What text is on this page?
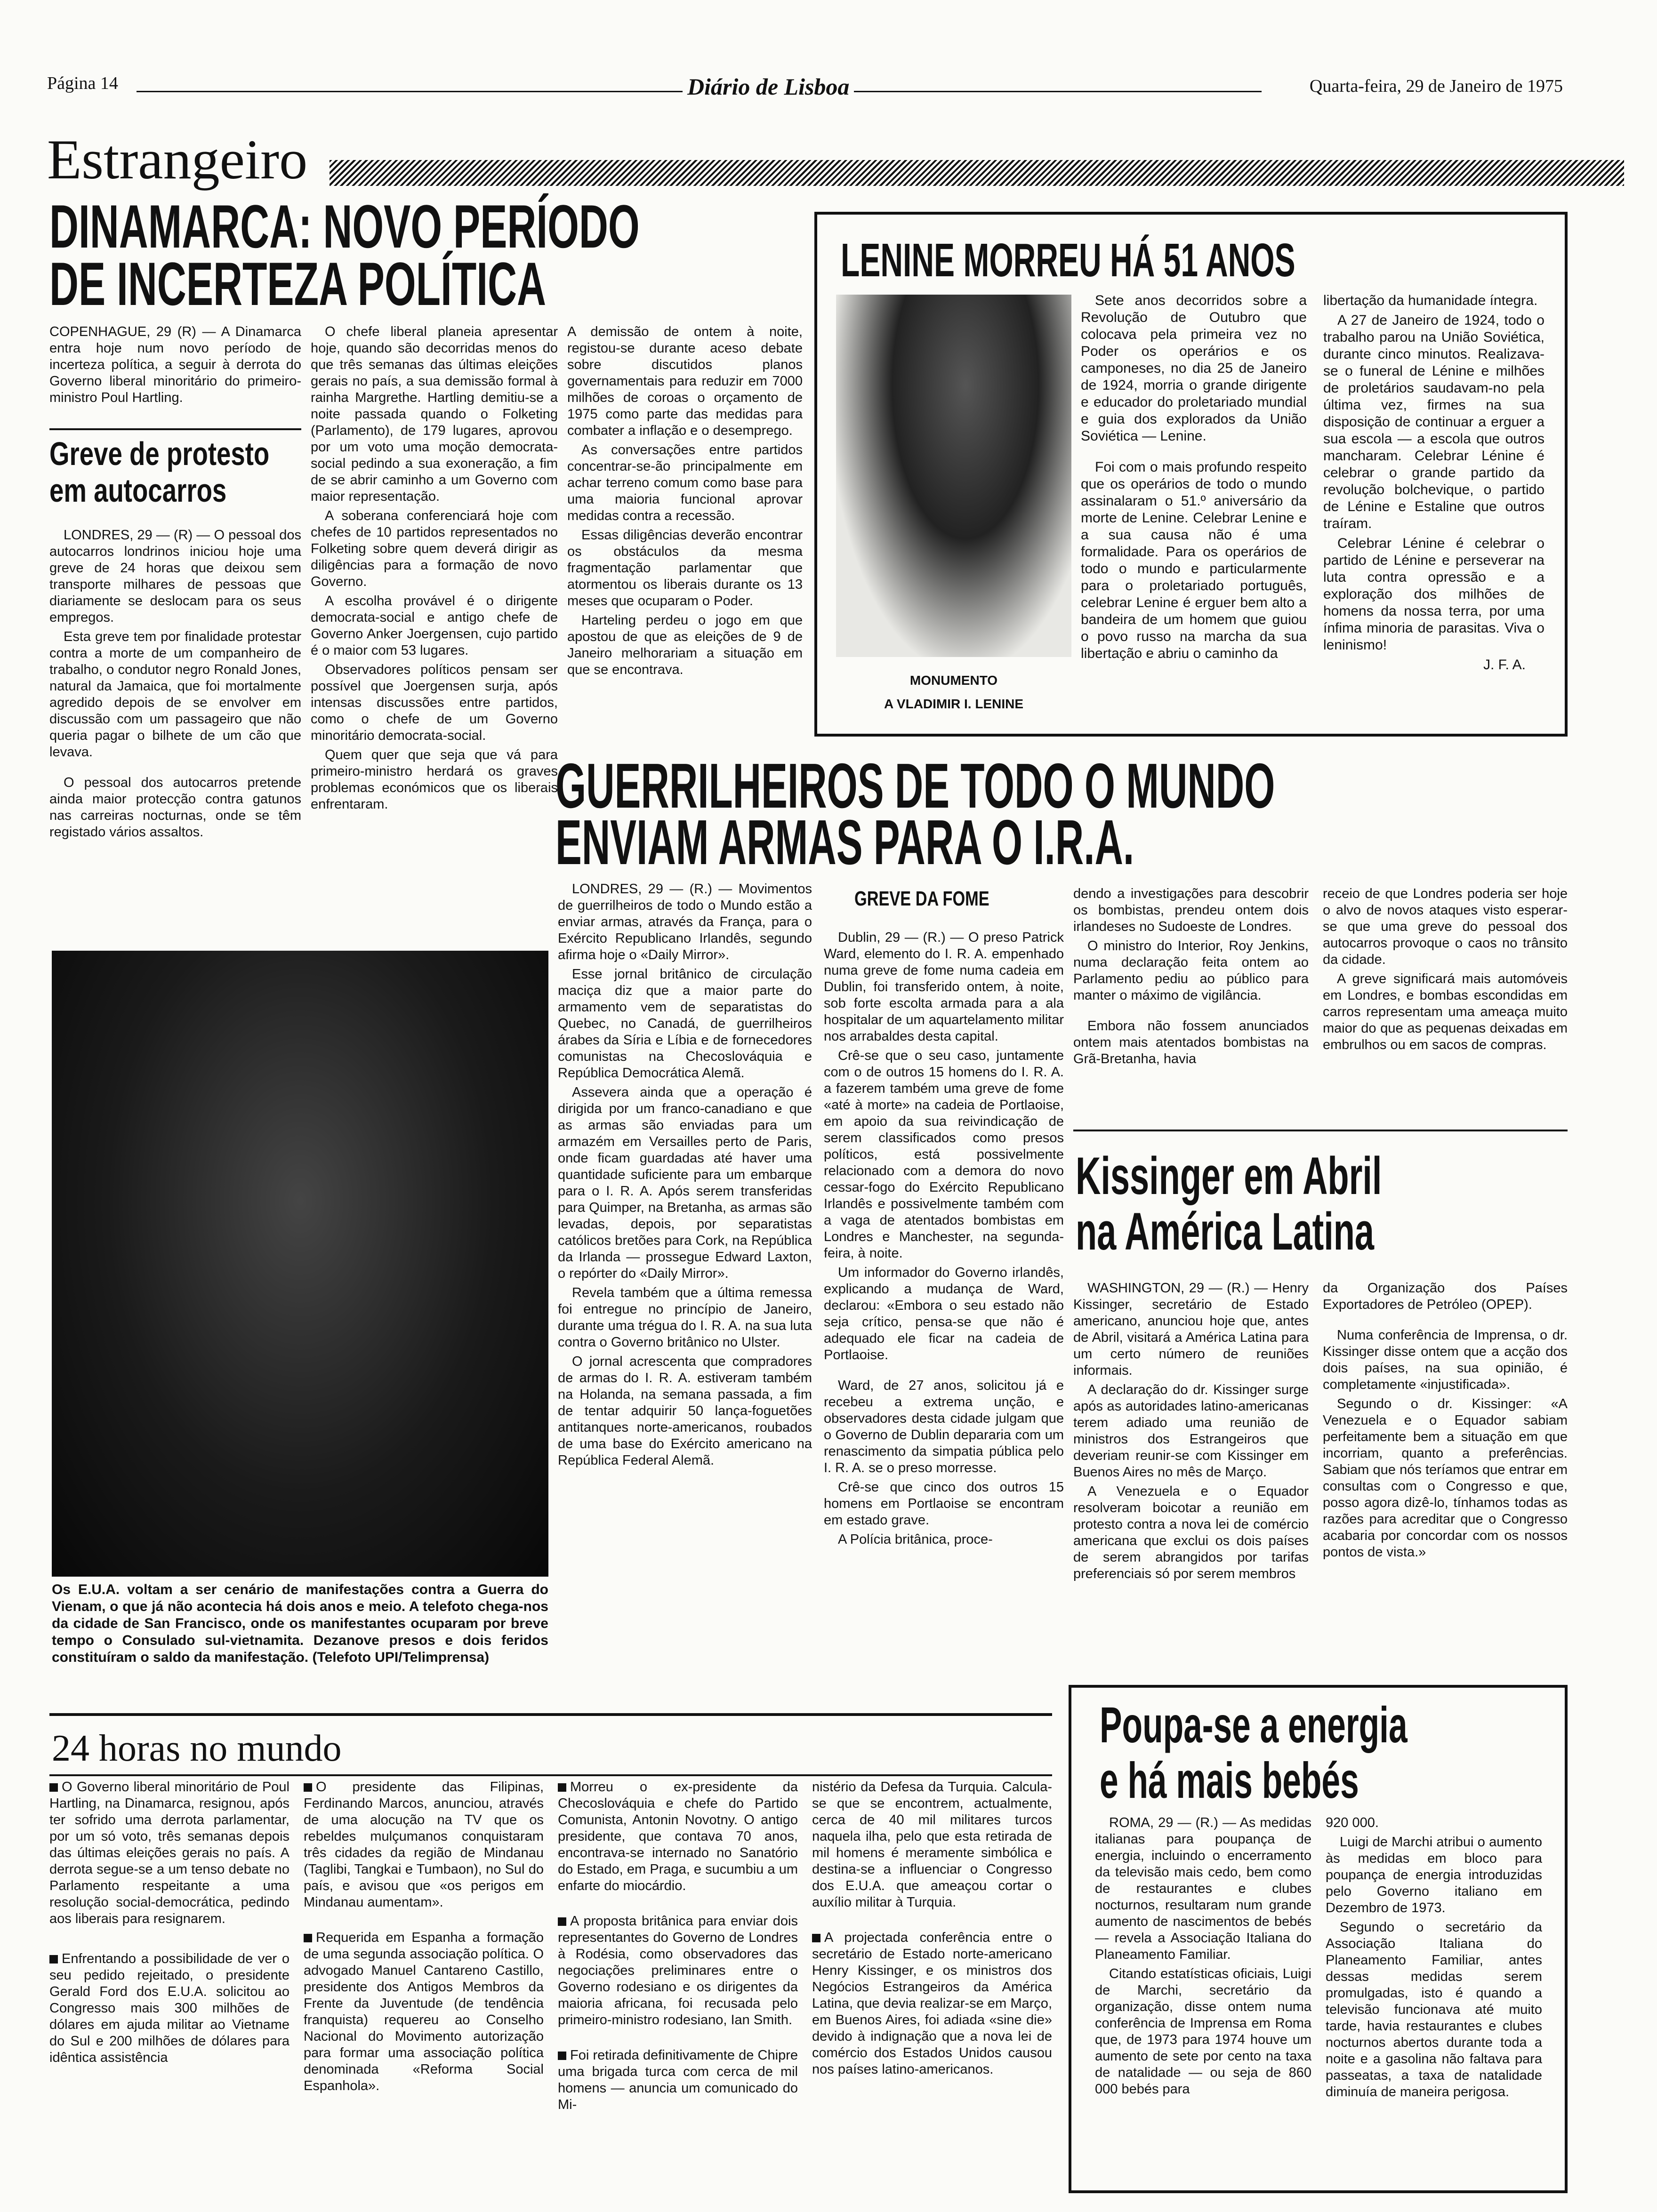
Página 14	Diário de Lisboa	Quarta-feira, 29 de Janeiro de 1975
Estrangeiro
DINAMARCA: NOVO PERÍODO
DE INCERTEZA POLÍTICA

COPENHAGUE, 29 (R) — A Dinamarca entra hoje num novo período de incerteza política, a seguir à derrota do Governo liberal minoritário do primeiro-ministro Poul Hartling.

Greve de protesto
em autocarros

LONDRES, 29 — (R) — O pessoal dos autocarros londrinos iniciou hoje uma greve de 24 horas que deixou sem transporte milhares de pessoas que diariamente se deslocam para os seus empregos.

Esta greve tem por finalidade protestar contra a morte de um companheiro de trabalho, o condutor negro Ronald Jones, natural da Jamaica, que foi mortalmente agredido depois de se envolver em discussão com um passageiro que não queria pagar o bilhete de um cão que levava.

O pessoal dos autocarros pretende ainda maior protecção contra gatunos nas carreiras nocturnas, onde se têm registado vários assaltos.

O chefe liberal planeia apresentar hoje, quando são decorridas menos do que três semanas das últimas eleições gerais no país, a sua demissão formal à rainha Margrethe. Hartling demitiu-se a noite passada quando o Folketing (Parlamento), de 179 lugares, aprovou por um voto uma moção democrata-social pedindo a sua exoneração, a fim de se abrir caminho a um Governo com maior representação.

A soberana conferenciará hoje com chefes de 10 partidos representados no Folketing sobre quem deverá dirigir as diligências para a formação de novo Governo.

A escolha provável é o dirigente democrata-social e antigo chefe de Governo Anker Joergensen, cujo partido é o maior com 53 lugares.

Observadores políticos pensam ser possível que Joergensen surja, após intensas discussões entre partidos, como o chefe de um Governo minoritário democrata-social.

Quem quer que seja que vá para primeiro-ministro herdará os graves problemas económicos que os liberais enfrentaram.

A demissão de ontem à noite, registou-se durante aceso debate sobre discutidos planos governamentais para reduzir em 7000 milhões de coroas o orçamento de 1975 como parte das medidas para combater a inflação e o desemprego.

As conversações entre partidos concentrar-se-ão principalmente em achar terreno comum como base para uma maioria funcional aprovar medidas contra a recessão.

Essas diligências deverão encontrar os obstáculos da mesma fragmentação parlamentar que atormentou os liberais durante os 13 meses que ocuparam o Poder.

Harteling perdeu o jogo em que apostou de que as eleições de 9 de Janeiro melhorariam a situação em que se encontrava.

LENINE MORREU HÁ 51 ANOS
MONUMENTO
A VLADIMIR I. LENINE

Sete anos decorridos sobre a Revolução de Outubro que colocava pela primeira vez no Poder os operários e os camponeses, no dia 25 de Janeiro de 1924, morria o grande dirigente e educador do proletariado mundial e guia dos explorados da União Soviética — Lenine.

Foi com o mais profundo respeito que os operários de todo o mundo assinalaram o 51.º aniversário da morte de Lenine. Celebrar Lenine e a sua causa não é uma formalidade. Para os operários de todo o mundo e particularmente para o proletariado português, celebrar Lenine é erguer bem alto a bandeira de um homem que guiou o povo russo na marcha da sua libertação e abriu o caminho da

libertação da humanidade íntegra.

A 27 de Janeiro de 1924, todo o trabalho parou na União Soviética, durante cinco minutos. Realizava-se o funeral de Lénine e milhões de proletários saudavam-no pela última vez, firmes na sua disposição de continuar a erguer a sua escola — a escola que outros mancharam. Celebrar Lénine é celebrar o grande partido da revolução bolchevique, o partido de Lénine e Estaline que outros traíram.

Celebrar Lénine é celebrar o partido de Lénine e perseverar na luta contra opressão e a exploração dos milhões de homens da nossa terra, por uma ínfima minoria de parasitas. Viva o leninismo!

J. F. A.
GUERRILHEIROS DE TODO O MUNDO
ENVIAM ARMAS PARA O I.R.A.
Os E.U.A. voltam a ser cenário de manifestações contra a Guerra do Vienam, o que já não acontecia há dois anos e meio. A telefoto chega-nos da cidade de San Francisco, onde os manifestantes ocuparam por breve tempo o Consulado sul-vietnamita. Dezanove presos e dois feridos constituíram o saldo da manifestação. (Telefoto UPI/Telimprensa)

LONDRES, 29 — (R.) — Movimentos de guerrilheiros de todo o Mundo estão a enviar armas, através da França, para o Exército Republicano Irlandês, segundo afirma hoje o «Daily Mirror».

Esse jornal britânico de circulação maciça diz que a maior parte do armamento vem de separatistas do Quebec, no Canadá, de guerrilheiros árabes da Síria e Líbia e de fornecedores comunistas na Checoslováquia e República Democrática Alemã.

Assevera ainda que a operação é dirigida por um franco-canadiano e que as armas são enviadas para um armazém em Versailles perto de Paris, onde ficam guardadas até haver uma quantidade suficiente para um embarque para o I. R. A. Após serem transferidas para Quimper, na Bretanha, as armas são levadas, depois, por separatistas católicos bretões para Cork, na República da Irlanda — prossegue Edward Laxton, o repórter do «Daily Mirror».

Revela também que a última remessa foi entregue no princípio de Janeiro, durante uma trégua do I. R. A. na sua luta contra o Governo britânico no Ulster.

O jornal acrescenta que compradores de armas do I. R. A. estiveram também na Holanda, na semana passada, a fim de tentar adquirir 50 lança-foguetões antitanques norte-americanos, roubados de uma base do Exército americano na República Federal Alemã.

GREVE DA FOME

Dublin, 29 — (R.) — O preso Patrick Ward, elemento do I. R. A. empenhado numa greve de fome numa cadeia em Dublin, foi transferido ontem, à noite, sob forte escolta armada para a ala hospitalar de um aquartelamento militar nos arrabaldes desta capital.

Crê-se que o seu caso, juntamente com o de outros 15 homens do I. R. A. a fazerem também uma greve de fome «até à morte» na cadeia de Portlaoise, em apoio da sua reivindicação de serem classificados como presos políticos, está possivelmente relacionado com a demora do novo cessar-fogo do Exército Republicano Irlandês e possivelmente também com a vaga de atentados bombistas em Londres e Manchester, na segunda-feira, à noite.

Um informador do Governo irlandês, explicando a mudança de Ward, declarou: «Embora o seu estado não seja crítico, pensa-se que não é adequado ele ficar na cadeia de Portlaoise.

Ward, de 27 anos, solicitou já e recebeu a extrema unção, e observadores desta cidade julgam que o Governo de Dublin depararia com um renascimento da simpatia pública pelo I. R. A. se o preso morresse.

Crê-se que cinco dos outros 15 homens em Portlaoise se encontram em estado grave.

A Polícia britânica, proce-

dendo a investigações para descobrir os bombistas, prendeu ontem dois irlandeses no Sudoeste de Londres.

O ministro do Interior, Roy Jenkins, numa declaração feita ontem ao Parlamento pediu ao público para manter o máximo de vigilância.

Embora não fossem anunciados ontem mais atentados bombistas na Grã-Bretanha, havia

receio de que Londres poderia ser hoje o alvo de novos ataques visto esperar-se que uma greve do pessoal dos autocarros provoque o caos no trânsito da cidade.

A greve significará mais automóveis em Londres, e bombas escondidas em carros representam uma ameaça muito maior do que as pequenas deixadas em embrulhos ou em sacos de compras.

Kissinger em Abril
na América Latina

WASHINGTON, 29 — (R.) — Henry Kissinger, secretário de Estado americano, anunciou hoje que, antes de Abril, visitará a América Latina para um certo número de reuniões informais.

A declaração do dr. Kissinger surge após as autoridades latino-americanas terem adiado uma reunião de ministros dos Estrangeiros que deveriam reunir-se com Kissinger em Buenos Aires no mês de Março.

A Venezuela e o Equador resolveram boicotar a reunião em protesto contra a nova lei de comércio americana que exclui os dois países de serem abrangidos por tarifas preferenciais só por serem membros

da Organização dos Países Exportadores de Petróleo (OPEP).

Numa conferência de Imprensa, o dr. Kissinger disse ontem que a acção dos dois países, na sua opinião, é completamente «injustificada».

Segundo o dr. Kissinger: «A Venezuela e o Equador sabiam perfeitamente bem a situação em que incorriam, quanto a preferências. Sabiam que nós teríamos que entrar em consultas com o Congresso e que, posso agora dizê-lo, tínhamos todas as razões para acreditar que o Congresso acabaria por concordar com os nossos pontos de vista.»

24 horas no mundo

O Governo liberal minoritário de Poul Hartling, na Dinamarca, resignou, após ter sofrido uma derrota parlamentar, por um só voto, três semanas depois das últimas eleições gerais no país. A derrota segue-se a um tenso debate no Parlamento respeitante a uma resolução social-democrática, pedindo aos liberais para resignarem.

Enfrentando a possibilidade de ver o seu pedido rejeitado, o presidente Gerald Ford dos E.U.A. solicitou ao Congresso mais 300 milhões de dólares em ajuda militar ao Vietname do Sul e 200 milhões de dólares para idêntica assistência

O presidente das Filipinas, Ferdinando Marcos, anunciou, através de uma alocução na TV que os rebeldes mulçumanos conquistaram três cidades da região de Mindanau (Taglibi, Tangkai e Tumbaon), no Sul do país, e avisou que «os perigos em Mindanau aumentam».

Requerida em Espanha a formação de uma segunda associação política. O advogado Manuel Cantareno Castillo, presidente dos Antigos Membros da Frente da Juventude (de tendência franquista) requereu ao Conselho Nacional do Movimento autorização para formar uma associação política denominada «Reforma Social Espanhola».

Morreu o ex-presidente da Checoslováquia e chefe do Partido Comunista, Antonin Novotny. O antigo presidente, que contava 70 anos, encontrava-se internado no Sanatório do Estado, em Praga, e sucumbiu a um enfarte do miocárdio.

A proposta britânica para enviar dois representantes do Governo de Londres à Rodésia, como observadores das negociações preliminares entre o Governo rodesiano e os dirigentes da maioria africana, foi recusada pelo primeiro-ministro rodesiano, Ian Smith.

Foi retirada definitivamente de Chipre uma brigada turca com cerca de mil homens — anuncia um comunicado do Mi-

nistério da Defesa da Turquia. Calcula-se que se encontrem, actualmente, cerca de 40 mil militares turcos naquela ilha, pelo que esta retirada de mil homens é meramente simbólica e destina-se a influenciar o Congresso dos E.U.A. que ameaçou cortar o auxílio militar à Turquia.

A projectada conferência entre o secretário de Estado norte-americano Henry Kissinger, e os ministros dos Negócios Estrangeiros da América Latina, que devia realizar-se em Março, em Buenos Aires, foi adiada «sine die» devido à indignação que a nova lei de comércio dos Estados Unidos causou nos países latino-americanos.

Poupa-se a energia
e há mais bebés

ROMA, 29 — (R.) — As medidas italianas para poupança de energia, incluindo o encerramento da televisão mais cedo, bem como de restaurantes e clubes nocturnos, resultaram num grande aumento de nascimentos de bebés — revela a Associação Italiana do Planeamento Familiar.

Citando estatísticas oficiais, Luigi de Marchi, secretário da organização, disse ontem numa conferência de Imprensa em Roma que, de 1973 para 1974 houve um aumento de sete por cento na taxa de natalidade — ou seja de 860 000 bebés para

920 000.

Luigi de Marchi atribui o aumento às medidas em bloco para poupança de energia introduzidas pelo Governo italiano em Dezembro de 1973.

Segundo o secretário da Associação Italiana do Planeamento Familiar, antes dessas medidas serem promulgadas, isto é quando a televisão funcionava até muito tarde, havia restaurantes e clubes nocturnos abertos durante toda a noite e a gasolina não faltava para passeatas, a taxa de natalidade diminuía de maneira perigosa.
